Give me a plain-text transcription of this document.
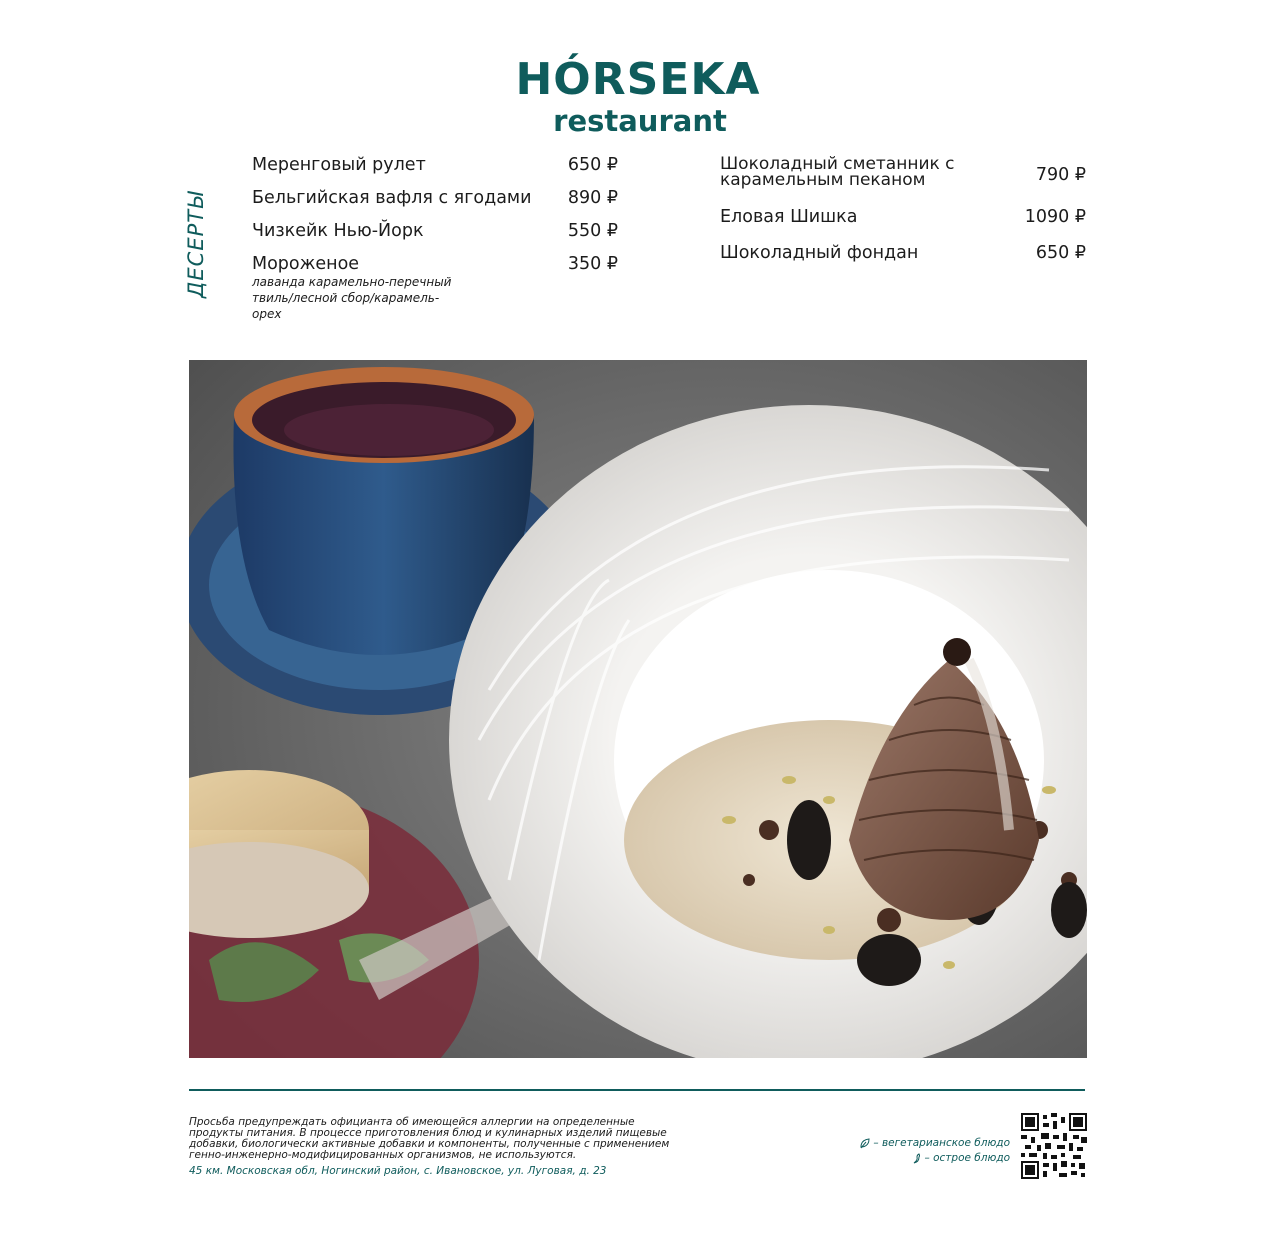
HÓRSEKA
restaurant
ДЕСЕРТЫ
Меренговый рулет	650 ₽
Бельгийская вафля с ягодами	890 ₽
Чизкейк Нью-Йорк	550 ₽
Мороженое	350 ₽
лаванда карамельно-перечный твиль/лесной сбор/карамель-орех
Шоколадный сметанник с карамельным пеканом	790 ₽
Еловая Шишка	1090 ₽
Шоколадный фондан	650 ₽
Просьба предупреждать официанта об имеющейся аллергии на определенные продукты питания. В процессе приготовления блюд и кулинарных изделий пищевые добавки, биологически активные добавки и компоненты, полученные с применением генно-инженерно-модифицированных организмов, не используются.
45 км. Московская обл, Ногинский район, с. Ивановское, ул. Луговая, д. 23
– вегетарианское блюдо
– острое блюдо
